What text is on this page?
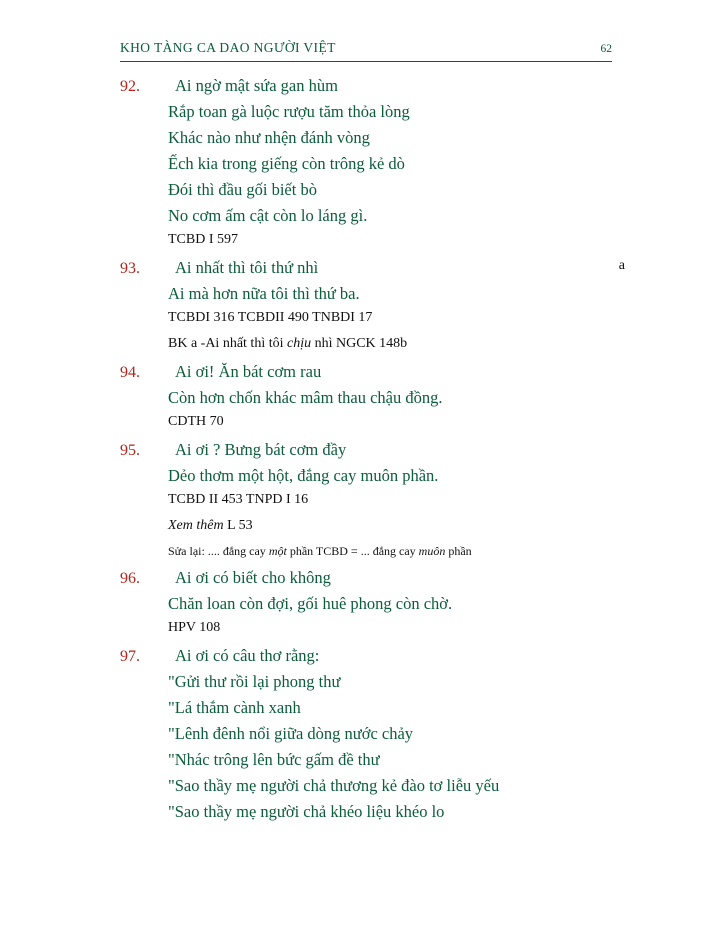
KHO TÀNG CA DAO NGƯỜI VIỆT	62
92.	Ai ngờ mật sứa gan hùm
Rắp toan gà luộc rượu tăm thỏa lòng
Khác nào như nhện đánh vòng
Ếch kia trong giếng còn trông kẻ dò
Đói thì đầu gối biết bò
No cơm ấm cật còn lo láng gì.
TCBD I 597
93.	Ai nhất thì tôi thứ nhì	a
Ai mà hơn nữa tôi thì thứ ba.
TCBDI 316 TCBDII 490 TNBDI 17
BK a -Ai nhất thì tôi chịu nhì NGCK 148b
94.	Ai ơi! Ăn bát cơm rau
Còn hơn chốn khác mâm thau chậu đồng.
CDTH 70
95.	Ai ơi ? Bưng bát cơm đầy
Dẻo thơm một hột, đắng cay muôn phần.
TCBD II 453 TNPD I 16
Xem thêm L 53
Sửa lại: .... đắng cay một phần TCBD = ... đắng cay muôn phần
96.	Ai ơi có biết cho không
Chăn loan còn đợi, gối huê phong còn chờ.
HPV 108
97.	Ai ơi có câu thơ rằng:
"Gửi thư rồi lại phong thư
"Lá thắm cành xanh
"Lênh đênh nổi giữa dòng nước chảy
"Nhác trông lên bức gấm đề thư
"Sao thầy mẹ người chả thương kẻ đào tơ liễu yếu
"Sao thầy mẹ người chả khéo liệu khéo lo
